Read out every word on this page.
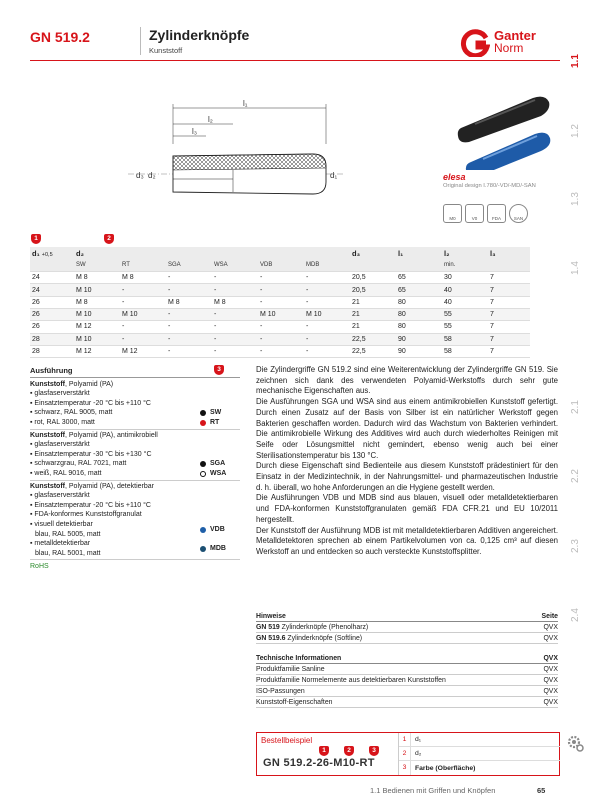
GN 519.2	Zylinderknöpfe
Kunststoff
Ganter
Norm
1.1
1.2
1.3
1.4
2.1
2.2
2.3
2.4
l₁
l₂
l₃
d₃ d₂	d₁	elesa
Original design I.780/-VD/-MD/-SAN
M0	V0	FDA	SAN
1	2
d₁ +0,5	d₂						d₃	l₁	l₂	l₃
	SW	RT	SGA	WSA	VDB	MDB			min.	
24	M 8	M 8	-	-	-	-	20,5	65	30	7
24	M 10	-	-	-	-	-	20,5	65	40	7
26	M 8	-	M 8	M 8	-	-	21	80	40	7
26	M 10	M 10	-	-	M 10	M 10	21	80	55	7
26	M 12	-	-	-	-	-	21	80	55	7
28	M 10	-	-	-	-	-	22,5	90	58	7
28	M 12	M 12	-	-	-	-	22,5	90	58	7
Ausführung	3
Kunststoff, Polyamid (PA)
▪ glasfaserverstärkt
▪ Einsatztemperatur -20 °C bis +110 °C
▪ schwarz, RAL 9005, matt	SW
▪ rot, RAL 3000, matt	RT
Kunststoff, Polyamid (PA), antimikrobiell
▪ glasfaserverstärkt
▪ Einsatztemperatur -30 °C bis +130 °C
▪ schwarzgrau, RAL 7021, matt	SGA
▪ weiß, RAL 9016, matt	WSA
Kunststoff, Polyamid (PA), detektierbar
▪ glasfaserverstärkt
▪ Einsatztemperatur -20 °C bis +110 °C
▪ FDA-konformes Kunststoffgranulat
▪ visuell detektierbar
blau, RAL 5005, matt
VDB
▪ metalldetektierbar
blau, RAL 5001, matt
MDB
RoHS

Die Zylindergriffe GN 519.2 sind eine Weiterentwicklung der Zylindergriffe GN 519. Sie zeichnen sich dank des verwendeten Polyamid-Werkstoffs durch sehr gute mechanische Eigenschaften aus.

Die Ausführungen SGA und WSA sind aus einem antimikrobiellen Kunststoff gefertigt. Durch einen Zusatz auf der Basis von Silber ist ein natürlicher Werkstoff gegen Bakterien geschaffen worden. Dadurch wird das Wachstum von Bakterien verhindert. Die antimikrobielle Wirkung des Additives wird auch durch wiederholtes Reinigen mit Seife oder Lösungsmittel nicht gemindert, ebenso wenig auch bei einer Sterilisationstemperatur bis 130 °C.

Durch diese Eigenschaft sind Bedienteile aus diesem Kunststoff prädestiniert für den Einsatz in der Medizintechnik, in der Nahrungsmittel- und pharmazeutischen Industrie d. h. überall, wo hohe Anforderungen an die Hygiene gestellt werden.

Die Ausführungen VDB und MDB sind aus blauen, visuell oder metalldetektierbaren und FDA-konformen Kunststoffgranulaten gemäß FDA CFR.21 und EU 10/2011 hergestellt.

Der Kunststoff der Ausführung MDB ist mit metalldetektierbaren Additiven angereichert. Metalldetektoren sprechen ab einem Partikelvolumen von ca. 0,125 cm³ auf diesen Werkstoff an und entdecken so auch versteckte Kunststoffsplitter.

Hinweise	Seite
GN 519 Zylinderknöpfe (Phenolharz)	QVX
GN 519.6 Zylinderknöpfe (Softline)	QVX
Technische Informationen	QVX
Produktfamilie Sanline	QVX
Produktfamilie Normelemente aus detektierbaren Kunststoffen	QVX
ISO-Passungen	QVX
Kunststoff-Eigenschaften	QVX
Bestellbeispiel
1	2	3
GN 519.2-26-M10-RT
1	d₁
2	d₂
3	Farbe (Oberfläche)
1.1 Bedienen mit Griffen und Knöpfen	65
